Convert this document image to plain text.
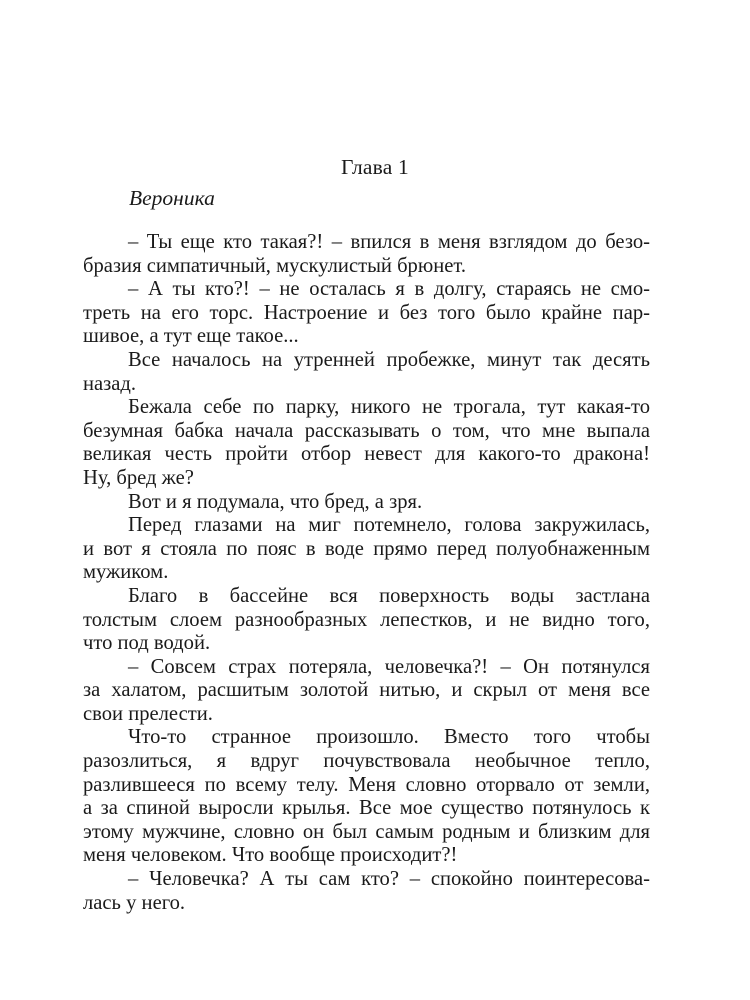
Глава 1
Вероника
– Ты еще кто такая?! – впился в меня взглядом до безо-
бразия симпатичный, мускулистый брюнет.
– А ты кто?! – не осталась я в долгу, стараясь не смо-
треть на его торс. Настроение и без того было крайне пар-
шивое, а тут еще такое...
Все началось на утренней пробежке, минут так десять
назад.
Бежала себе по парку, никого не трогала, тут какая-то
безумная бабка начала рассказывать о том, что мне выпала
великая честь пройти отбор невест для какого-то дракона!
Ну, бред же?
Вот и я подумала, что бред, а зря.
Перед глазами на миг потемнело, голова закружилась,
и вот я стояла по пояс в воде прямо перед полуобнаженным
мужиком.
Благо в бассейне вся поверхность воды застлана
толстым слоем разнообразных лепестков, и не видно того,
что под водой.
– Совсем страх потеряла, человечка?! – Он потянулся
за халатом, расшитым золотой нитью, и скрыл от меня все
свои прелести.
Что-то странное произошло. Вместо того чтобы
разозлиться, я вдруг почувствовала необычное тепло,
разлившееся по всему телу. Меня словно оторвало от земли,
а за спиной выросли крылья. Все мое существо потянулось к
этому мужчине, словно он был самым родным и близким для
меня человеком. Что вообще происходит?!
– Человечка? А ты сам кто? – спокойно поинтересова-
лась у него.
